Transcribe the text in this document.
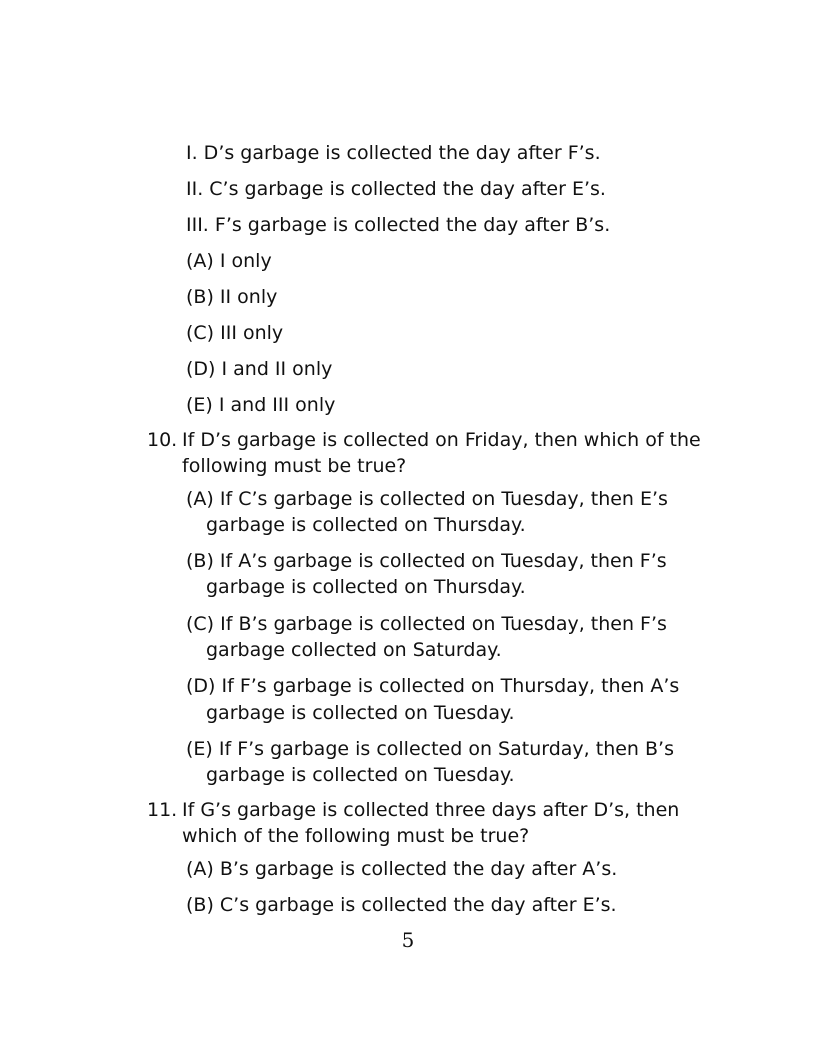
I. D’s garbage is collected the day after F’s.
II. C’s garbage is collected the day after E’s.
III. F’s garbage is collected the day after B’s.
(A) I only
(B) II only
(C) III only
(D) I and II only
(E) I and III only
10. If D’s garbage is collected on Friday, then which of the
following must be true?
(A) If C’s garbage is collected on Tuesday, then E’s
garbage is collected on Thursday.
(B) If A’s garbage is collected on Tuesday, then F’s
garbage is collected on Thursday.
(C) If B’s garbage is collected on Tuesday, then F’s
garbage collected on Saturday.
(D) If F’s garbage is collected on Thursday, then A’s
garbage is collected on Tuesday.
(E) If F’s garbage is collected on Saturday, then B’s
garbage is collected on Tuesday.
11. If G’s garbage is collected three days after D’s, then
which of the following must be true?
(A) B’s garbage is collected the day after A’s.
(B) C’s garbage is collected the day after E’s.
5
